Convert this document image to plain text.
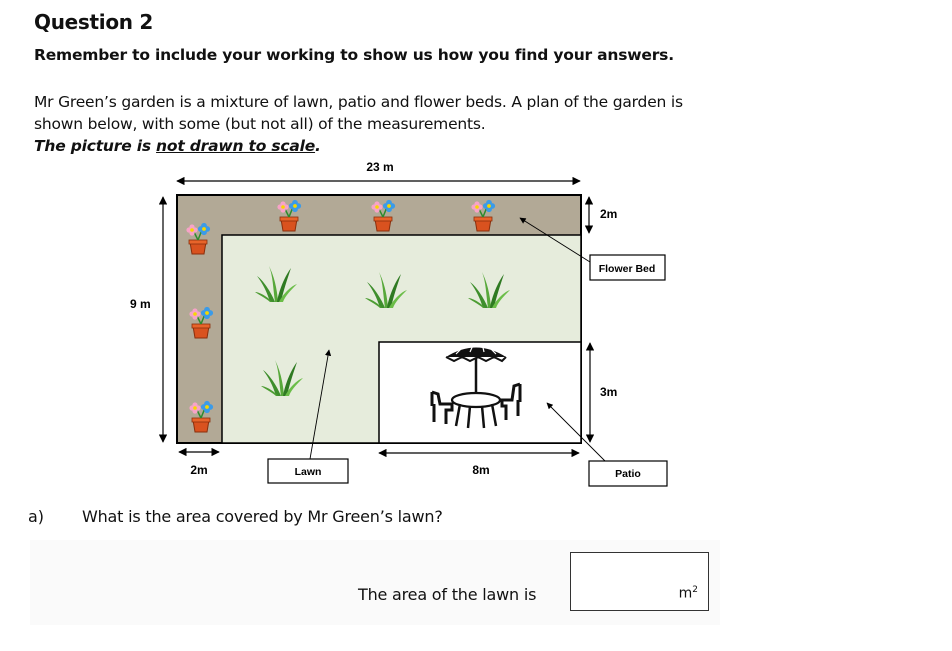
Question 2
Remember to include your working to show us how you find your answers.
Mr Green’s garden is a mixture of lawn, patio and flower beds. A plan of the garden is
shown below, with some (but not all) of the measurements.
The picture is not drawn to scale.
23 m
9 m
2m
3m
2m	8m
Flower Bed
Lawn	Patio
a) What is the area covered by Mr Green’s lawn?
The area of the lawn is	$m^2$
